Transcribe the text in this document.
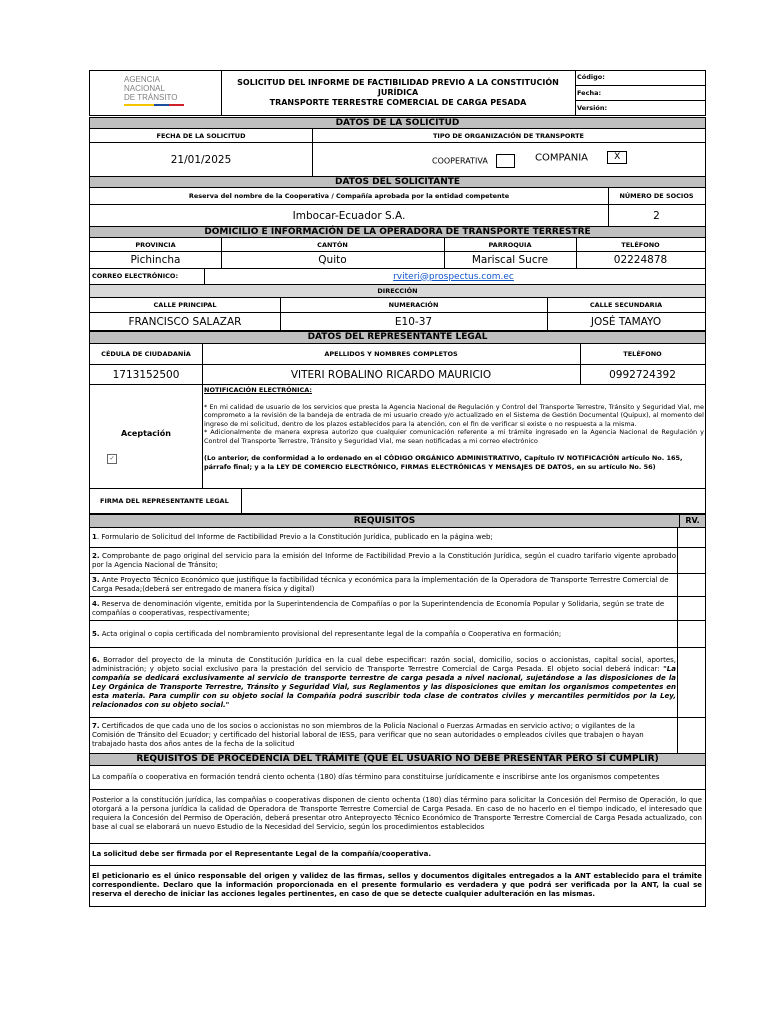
AGENCIA
NACIONAL
DE TRÁNSITO
SOLICITUD DEL INFORME DE FACTIBILIDAD PREVIO A LA CONSTITUCIÓN JURÍDICA
TRANSPORTE TERRESTRE COMERCIAL DE CARGA PESADA
Código:
Fecha:
Versión:
DATOS DE LA SOLICITUD
FECHA DE LA SOLICITUD	TIPO DE ORGANIZACIÓN DE TRANSPORTE
21/01/2025	COOPERATIVA	COMPANIA	X
DATOS DEL SOLICITANTE
Reserva del nombre de la Cooperativa / Compañía aprobada por la entidad competente	NÚMERO DE SOCIOS
Imbocar-Ecuador S.A.	2
DOMICILIO E INFORMACIÓN DE LA OPERADORA DE TRANSPORTE TERRESTRE
PROVINCIA	CANTÓN	PARROQUIA	TELÉFONO
Pichincha	Quito	Mariscal Sucre	02224878
CORREO ELECTRÓNICO:	rviteri@prospectus.com.ec
DIRECCIÓN
CALLE PRINCIPAL	NUMERACIÓN	CALLE SECUNDARIA
FRANCISCO SALAZAR	E10-37	JOSÉ TAMAYO
DATOS DEL REPRESENTANTE LEGAL
CÉDULA DE CIUDADANÍA	APELLIDOS Y NOMBRES COMPLETOS	TELÉFONO
1713152500	VITERI ROBALINO RICARDO MAURICIO	0992724392
Aceptación
✓
NOTIFICACIÓN ELECTRÓNICA:
* En mi calidad de usuario de los servicios que presta la Agencia Nacional de Regulación y Control del Transporte Terrestre, Tránsito y Seguridad Vial, me comprometo a la revisión de la bandeja de entrada de mi usuario creado y/o actualizado en el Sistema de Gestión Documental (Quipux), al momento del ingreso de mi solicitud, dentro de los plazos establecidos para la atención, con el fin de verificar si existe o no respuesta a la misma.
* Adicionalmente de manera expresa autorizo que cualquier comunicación referente a mi trámite ingresado en la Agencia Nacional de Regulación y Control del Transporte Terrestre, Tránsito y Seguridad Vial, me sean notificadas a mi correo electrónico
(Lo anterior, de conformidad a lo ordenado en el CÓDIGO ORGÁNICO ADMINISTRATIVO, Capítulo IV NOTIFICACIÓN artículo No. 165, párrafo final; y a la LEY DE COMERCIO ELECTRÓNICO, FIRMAS ELECTRÓNICAS Y MENSAJES DE DATOS, en su artículo No. 56)
FIRMA DEL REPRESENTANTE LEGAL
REQUISITOS	RV.
1. Formulario de Solicitud del Informe de Factibilidad Previo a la Constitución Jurídica, publicado en la página web;
2. Comprobante de pago original del servicio para la emisión del Informe de Factibilidad Previo a la Constitución Jurídica, según el cuadro tarifario vigente aprobado por la Agencia Nacional de Tránsito;
3. Ante Proyecto Técnico Económico que justifique la factibilidad técnica y económica para la implementación de la Operadora de Transporte Terrestre Comercial de Carga Pesada;(deberá ser entregado de manera física y digital)
4. Reserva de denominación vigente, emitida por la Superintendencia de Compañías o por la Superintendencia de Economía Popular y Solidaria, según se trate de compañías o cooperativas, respectivamente;
5. Acta original o copia certificada del nombramiento provisional del representante legal de la compañía o Cooperativa en formación;
6. Borrador del proyecto de la minuta de Constitución Jurídica en la cual debe especificar: razón social, domicilio, socios o accionistas, capital social, aportes, administración; y objeto social exclusivo para la prestación del servicio de Transporte Terrestre Comercial de Carga Pesada. El objeto social deberá indicar: "La compañía se dedicará exclusivamente al servicio de transporte terrestre de carga pesada a nivel nacional, sujetándose a las disposiciones de la Ley Orgánica de Transporte Terrestre, Tránsito y Seguridad Vial, sus Reglamentos y las disposiciones que emitan los organismos competentes en esta materia. Para cumplir con su objeto social la Compañía podrá suscribir toda clase de contratos civiles y mercantiles permitidos por la Ley, relacionados con su objeto social."
7. Certificados de que cada uno de los socios o accionistas no son miembros de la Policía Nacional o Fuerzas Armadas en servicio activo; o vigilantes de la Comisión de Tránsito del Ecuador; y certificado del historial laboral de IESS, para verificar que no sean autoridades o empleados civiles que trabajen o hayan trabajado hasta dos años antes de la fecha de la solicitud
REQUISITOS DE PROCEDENCIA DEL TRÁMITE (QUE EL USUARIO NO DEBE PRESENTAR PERO SÍ CUMPLIR)
La compañía o cooperativa en formación tendrá ciento ochenta (180) días término para constituirse jurídicamente e inscribirse ante los organismos competentes
Posterior a la constitución jurídica, las compañías o cooperativas disponen de ciento ochenta (180) días término para solicitar la Concesión del Permiso de Operación, lo que otorgará a la persona jurídica la calidad de Operadora de Transporte Terrestre Comercial de Carga Pesada. En caso de no hacerlo en el tiempo indicado, el interesado que requiera la Concesión del Permiso de Operación, deberá presentar otro Anteproyecto Técnico Económico de Transporte Terrestre Comercial de Carga Pesada actualizado, con base al cual se elaborará un nuevo Estudio de la Necesidad del Servicio, según los procedimientos establecidos
La solicitud debe ser firmada por el Representante Legal de la compañía/cooperativa.
El peticionario es el único responsable del origen y validez de las firmas, sellos y documentos digitales entregados a la ANT establecido para el trámite correspondiente. Declaro que la información proporcionada en el presente formulario es verdadera y que podrá ser verificada por la ANT, la cual se reserva el derecho de iniciar las acciones legales pertinentes, en caso de que se detecte cualquier adulteración en las mismas.
